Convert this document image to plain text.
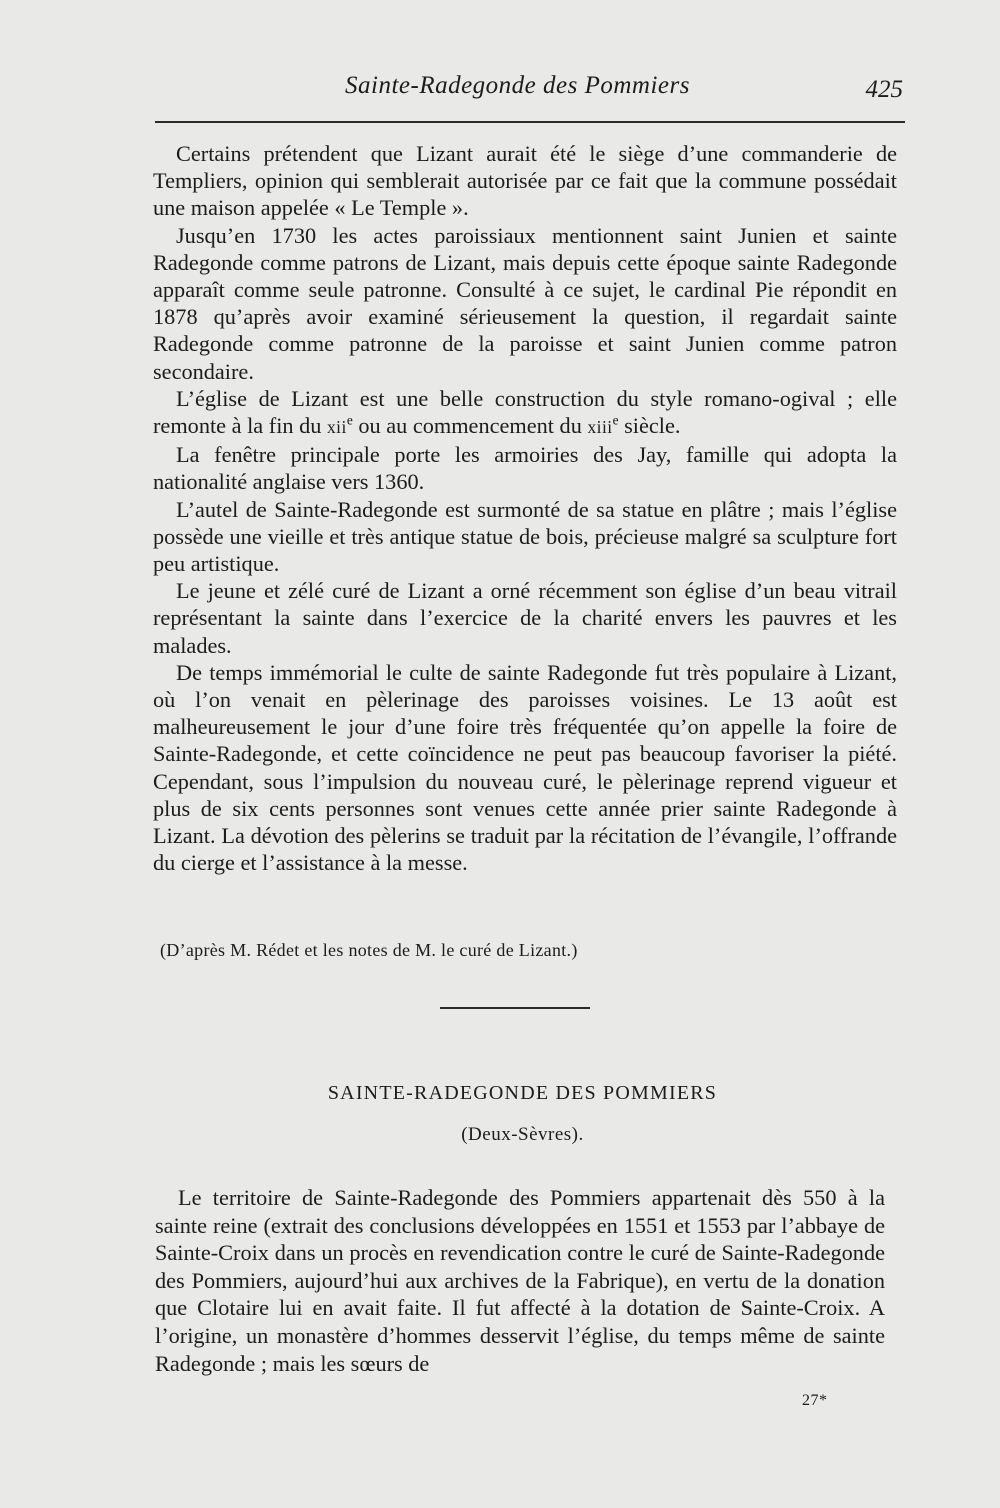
Sainte-Radegonde des Pommiers	425

Certains prétendent que Lizant aurait été le siège d’une commanderie de Templiers, opinion qui semblerait autorisée par ce fait que la commune possédait une maison appelée « Le Temple ».

Jusqu’en 1730 les actes paroissiaux mentionnent saint Junien et sainte Radegonde comme patrons de Lizant, mais depuis cette époque sainte Radegonde apparaît comme seule patronne. Consulté à ce sujet, le cardinal Pie répondit en 1878 qu’après avoir examiné sérieusement la question, il regardait sainte Radegonde comme patronne de la paroisse et saint Junien comme patron secondaire.

L’église de Lizant est une belle construction du style romano-ogival ; elle remonte à la fin du xii$^e$ ou au commencement du xiii$^e$ siècle.

La fenêtre principale porte les armoiries des Jay, famille qui adopta la nationalité anglaise vers 1360.

L’autel de Sainte-Radegonde est surmonté de sa statue en plâtre ; mais l’église possède une vieille et très antique statue de bois, précieuse malgré sa sculpture fort peu artistique.

Le jeune et zélé curé de Lizant a orné récemment son église d’un beau vitrail représentant la sainte dans l’exercice de la charité envers les pauvres et les malades.

De temps immémorial le culte de sainte Radegonde fut très populaire à Lizant, où l’on venait en pèlerinage des paroisses voisines. Le 13 août est malheureusement le jour d’une foire très fréquentée qu’on appelle la foire de Sainte-Radegonde, et cette coïncidence ne peut pas beaucoup favoriser la piété. Cependant, sous l’impulsion du nouveau curé, le pèlerinage reprend vigueur et plus de six cents personnes sont venues cette année prier sainte Radegonde à Lizant. La dévotion des pèlerins se traduit par la récitation de l’évangile, l’offrande du cierge et l’assistance à la messe.

(D’après M. Rédet et les notes de M. le curé de Lizant.)
SAINTE-RADEGONDE DES POMMIERS
(Deux-Sèvres).

Le territoire de Sainte-Radegonde des Pommiers appartenait dès 550 à la sainte reine (extrait des conclusions développées en 1551 et 1553 par l’abbaye de Sainte-Croix dans un procès en revendication contre le curé de Sainte-Radegonde des Pommiers, aujourd’hui aux archives de la Fabrique), en vertu de la donation que Clotaire lui en avait faite. Il fut affecté à la dotation de Sainte-Croix. A l’origine, un monastère d’hommes desservit l’église, du temps même de sainte Radegonde ; mais les sœurs de

27*
